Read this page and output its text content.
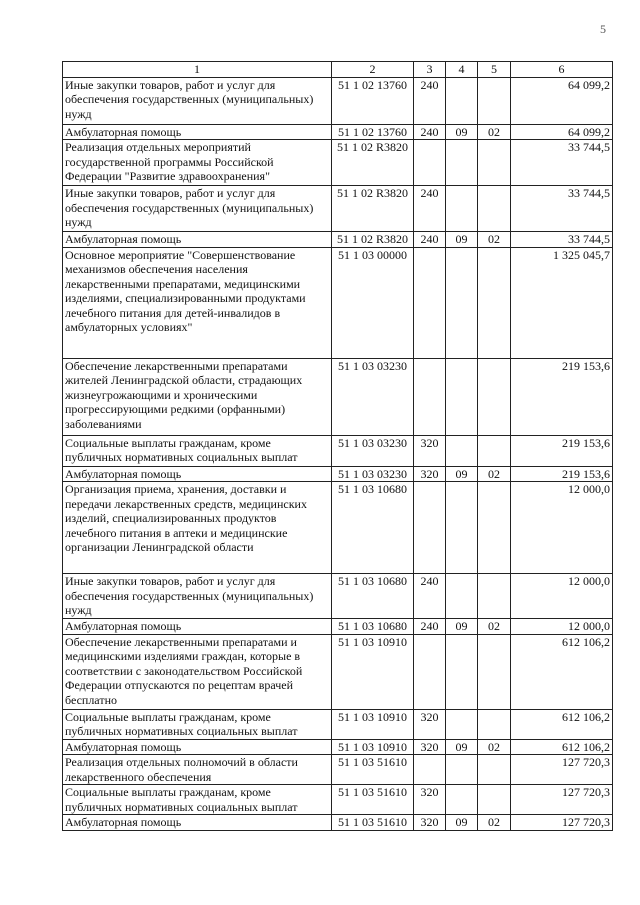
5
1	2	3	4	5	6
Иные закупки товаров, работ и услуг для обеспечения государственных (муниципальных) нужд	51 1 02 13760	240			64 099,2
Амбулаторная помощь	51 1 02 13760	240	09	02	64 099,2
Реализация отдельных мероприятий государственной программы Российской Федерации "Развитие здравоохранения"	51 1 02 R3820				33 744,5
Иные закупки товаров, работ и услуг для обеспечения государственных (муниципальных) нужд	51 1 02 R3820	240			33 744,5
Амбулаторная помощь	51 1 02 R3820	240	09	02	33 744,5
Основное мероприятие "Совершенствование механизмов обеспечения населения лекарственными препаратами, медицинскими изделиями, специализированными продуктами лечебного питания для детей-инвалидов в амбулаторных условиях"	51 1 03 00000				1 325 045,7
Обеспечение лекарственными препаратами жителей Ленинградской области, страдающих жизнеугрожающими и хроническими прогрессирующими редкими (орфанными) заболеваниями	51 1 03 03230				219 153,6
Социальные выплаты гражданам, кроме публичных нормативных социальных выплат	51 1 03 03230	320			219 153,6
Амбулаторная помощь	51 1 03 03230	320	09	02	219 153,6
Организация приема, хранения, доставки и передачи лекарственных средств, медицинских изделий, специализированных продуктов лечебного питания в аптеки и медицинские организации Ленинградской области	51 1 03 10680				12 000,0
Иные закупки товаров, работ и услуг для обеспечения государственных (муниципальных) нужд	51 1 03 10680	240			12 000,0
Амбулаторная помощь	51 1 03 10680	240	09	02	12 000,0
Обеспечение лекарственными препаратами и медицинскими изделиями граждан, которые в соответствии с законодательством Российской Федерации отпускаются по рецептам врачей бесплатно	51 1 03 10910				612 106,2
Социальные выплаты гражданам, кроме публичных нормативных социальных выплат	51 1 03 10910	320			612 106,2
Амбулаторная помощь	51 1 03 10910	320	09	02	612 106,2
Реализация отдельных полномочий в области лекарственного обеспечения	51 1 03 51610				127 720,3
Социальные выплаты гражданам, кроме публичных нормативных социальных выплат	51 1 03 51610	320			127 720,3
Амбулаторная помощь	51 1 03 51610	320	09	02	127 720,3
